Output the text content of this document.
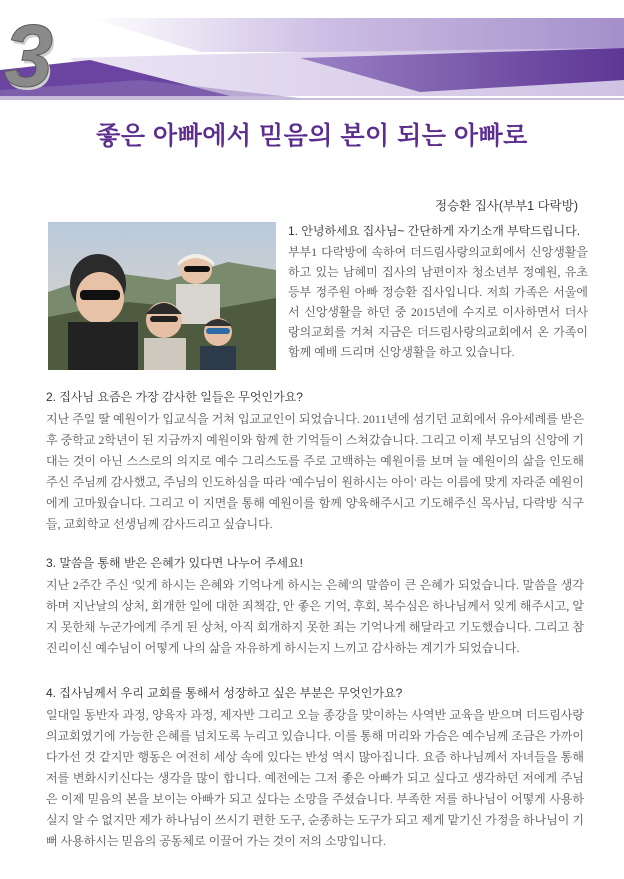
3
좋은 아빠에서 믿음의 본이 되는 아빠로
정승환 집사(부부1 다락방)
1. 안녕하세요 집사님~ 간단하게 자기소개 부탁드립니다.

부부1 다락방에 속하여 더드림사랑의교회에서 신앙생활을 하고 있는 남혜미 집사의 남편이자 청소년부 정예원, 유초등부 정주원 아빠 정승환 집사입니다. 저희 가족은 서울에서 신앙생활을 하던 중 2015년에 수지로 이사하면서 더사랑의교회를 거쳐 지금은 더드림사랑의교회에서 온 가족이 함께 예배 드리며 신앙생활을 하고 있습니다.

2. 집사님 요즘은 가장 감사한 일들은 무엇인가요?

지난 주일 딸 예원이가 입교식을 거쳐 입교교인이 되었습니다. 2011년에 섬기던 교회에서 유아세례를 받은 후 중학교 2학년이 된 지금까지 예원이와 함께 한 기억들이 스쳐갔습니다. 그리고 이제 부모님의 신앙에 기대는 것이 아닌 스스로의 의지로 예수 그리스도를 주로 고백하는 예원이를 보며 늘 예원이의 삶을 인도해주신 주님께 감사했고, 주님의 인도하심을 따라 '예수님이 원하시는 아이' 라는 이름에 맞게 자라준 예원이에게 고마웠습니다. 그리고 이 지면을 통해 예원이를 함께 양육해주시고 기도해주신 목사님, 다락방 식구들, 교회학교 선생님께 감사드리고 싶습니다.

3. 말씀을 통해 받은 은혜가 있다면 나누어 주세요!

지난 2주간 주신 '잊게 하시는 은혜와 기억나게 하시는 은혜'의 말씀이 큰 은혜가 되었습니다. 말씀을 생각하며 지난날의 상처, 회개한 일에 대한 죄책감, 안 좋은 기억, 후회, 복수심은 하나님께서 잊게 해주시고, 알지 못한채 누군가에게 주게 된 상처, 아직 회개하지 못한 죄는 기억나게 해달라고 기도했습니다. 그리고 참 진리이신 예수님이 어떻게 나의 삶을 자유하게 하시는지 느끼고 감사하는 계기가 되었습니다.

4. 집사님께서 우리 교회를 통해서 성장하고 싶은 부분은 무엇인가요?

일대일 동반자 과정, 양육자 과정, 제자반 그리고 오늘 종강을 맞이하는 사역반 교육을 받으며 더드림사랑의교회였기에 가능한 은혜를 넘치도록 누리고 있습니다. 이를 통해 머리와 가슴은 예수님께 조금은 가까이 다가선 것 같지만 행동은 여전히 세상 속에 있다는 반성 역시 많아집니다. 요즘 하나님께서 자녀들을 통해 저를 변화시키신다는 생각을 많이 합니다. 예전에는 그저 좋은 아빠가 되고 싶다고 생각하던 저에게 주님은 이제 믿음의 본을 보이는 아빠가 되고 싶다는 소망을 주셨습니다. 부족한 저를 하나님이 어떻게 사용하실지 알 수 없지만 제가 하나님이 쓰시기 편한 도구, 순종하는 도구가 되고 제게 맡기신 가정을 하나님이 기뻐 사용하시는 믿음의 공동체로 이끌어 가는 것이 저의 소망입니다.
